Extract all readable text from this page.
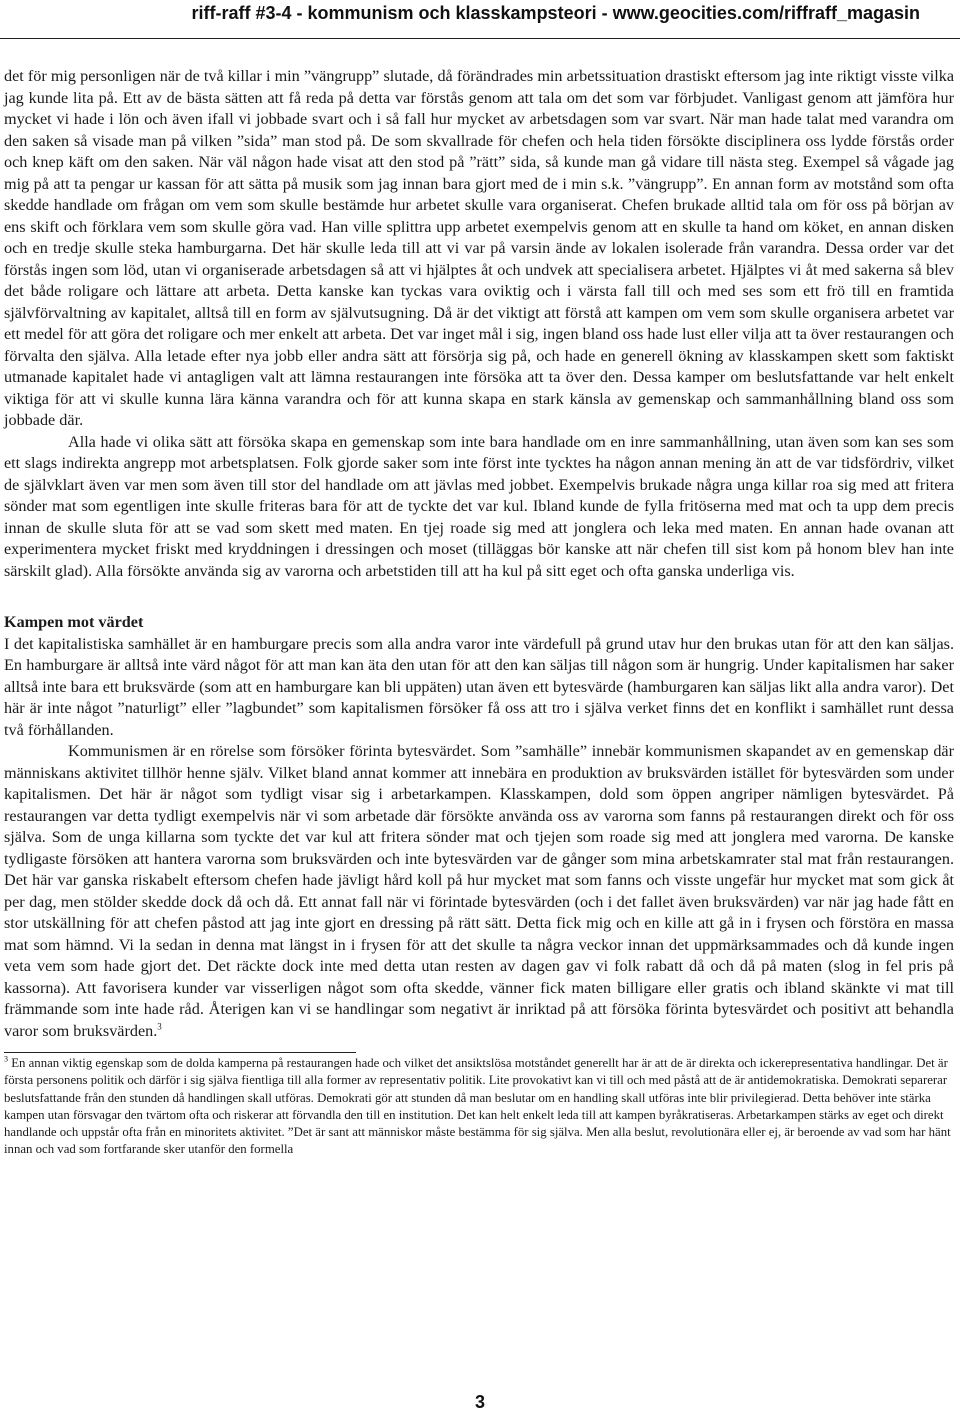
riff-raff #3-4 - kommunism och klasskampsteori - www.geocities.com/riffraff_magasin

det för mig personligen när de två killar i min ”vängrupp” slutade, då förändrades min arbetssituation drastiskt eftersom jag inte riktigt visste vilka jag kunde lita på. Ett av de bästa sätten att få reda på detta var förstås genom att tala om det som var förbjudet. Vanligast genom att jämföra hur mycket vi hade i lön och även ifall vi jobbade svart och i så fall hur mycket av arbetsdagen som var svart. När man hade talat med varandra om den saken så visade man på vilken ”sida” man stod på. De som skvallrade för chefen och hela tiden försökte disciplinera oss lydde förstås order och knep käft om den saken. När väl någon hade visat att den stod på ”rätt” sida, så kunde man gå vidare till nästa steg. Exempel så vågade jag mig på att ta pengar ur kassan för att sätta på musik som jag innan bara gjort med de i min s.k. ”vängrupp”. En annan form av motstånd som ofta skedde handlade om frågan om vem som skulle bestämde hur arbetet skulle vara organiserat. Chefen brukade alltid tala om för oss på början av ens skift och förklara vem som skulle göra vad. Han ville splittra upp arbetet exempelvis genom att en skulle ta hand om köket, en annan disken och en tredje skulle steka hamburgarna. Det här skulle leda till att vi var på varsin ände av lokalen isolerade från varandra. Dessa order var det förstås ingen som löd, utan vi organiserade arbetsdagen så att vi hjälptes åt och undvek att specialisera arbetet. Hjälptes vi åt med sakerna så blev det både roligare och lättare att arbeta. Detta kanske kan tyckas vara oviktig och i värsta fall till och med ses som ett frö till en framtida självförvaltning av kapitalet, alltså till en form av självutsugning. Då är det viktigt att förstå att kampen om vem som skulle organisera arbetet var ett medel för att göra det roligare och mer enkelt att arbeta. Det var inget mål i sig, ingen bland oss hade lust eller vilja att ta över restaurangen och förvalta den själva. Alla letade efter nya jobb eller andra sätt att försörja sig på, och hade en generell ökning av klasskampen skett som faktiskt utmanade kapitalet hade vi antagligen valt att lämna restaurangen inte försöka att ta över den. Dessa kamper om beslutsfattande var helt enkelt viktiga för att vi skulle kunna lära känna varandra och för att kunna skapa en stark känsla av gemenskap och sammanhållning bland oss som jobbade där.

Alla hade vi olika sätt att försöka skapa en gemenskap som inte bara handlade om en inre sammanhållning, utan även som kan ses som ett slags indirekta angrepp mot arbetsplatsen. Folk gjorde saker som inte först inte tycktes ha någon annan mening än att de var tidsfördriv, vilket de självklart även var men som även till stor del handlade om att jävlas med jobbet. Exempelvis brukade några unga killar roa sig med att fritera sönder mat som egentligen inte skulle friteras bara för att de tyckte det var kul. Ibland kunde de fylla fritöserna med mat och ta upp dem precis innan de skulle sluta för att se vad som skett med maten. En tjej roade sig med att jonglera och leka med maten. En annan hade ovanan att experimentera mycket friskt med kryddningen i dressingen och moset (tilläggas bör kanske att när chefen till sist kom på honom blev han inte särskilt glad). Alla försökte använda sig av varorna och arbetstiden till att ha kul på sitt eget och ofta ganska underliga vis.

Kampen mot värdet

I det kapitalistiska samhället är en hamburgare precis som alla andra varor inte värdefull på grund utav hur den brukas utan för att den kan säljas. En hamburgare är alltså inte värd något för att man kan äta den utan för att den kan säljas till någon som är hungrig. Under kapitalismen har saker alltså inte bara ett bruksvärde (som att en hamburgare kan bli uppäten) utan även ett bytesvärde (hamburgaren kan säljas likt alla andra varor). Det här är inte något ”naturligt” eller ”lagbundet” som kapitalismen försöker få oss att tro i själva verket finns det en konflikt i samhället runt dessa två förhållanden.

Kommunismen är en rörelse som försöker förinta bytesvärdet. Som ”samhälle” innebär kommunismen skapandet av en gemenskap där människans aktivitet tillhör henne själv. Vilket bland annat kommer att innebära en produktion av bruksvärden istället för bytesvärden som under kapitalismen. Det här är något som tydligt visar sig i arbetarkampen. Klasskampen, dold som öppen angriper nämligen bytesvärdet. På restaurangen var detta tydligt exempelvis när vi som arbetade där försökte använda oss av varorna som fanns på restaurangen direkt och för oss själva. Som de unga killarna som tyckte det var kul att fritera sönder mat och tjejen som roade sig med att jonglera med varorna. De kanske tydligaste försöken att hantera varorna som bruksvärden och inte bytesvärden var de gånger som mina arbetskamrater stal mat från restaurangen. Det här var ganska riskabelt eftersom chefen hade jävligt hård koll på hur mycket mat som fanns och visste ungefär hur mycket mat som gick åt per dag, men stölder skedde dock då och då. Ett annat fall när vi förintade bytesvärden (och i det fallet även bruksvärden) var när jag hade fått en stor utskällning för att chefen påstod att jag inte gjort en dressing på rätt sätt. Detta fick mig och en kille att gå in i frysen och förstöra en massa mat som hämnd. Vi la sedan in denna mat längst in i frysen för att det skulle ta några veckor innan det uppmärksammades och då kunde ingen veta vem som hade gjort det. Det räckte dock inte med detta utan resten av dagen gav vi folk rabatt då och då på maten (slog in fel pris på kassorna). Att favorisera kunder var visserligen något som ofta skedde, vänner fick maten billigare eller gratis och ibland skänkte vi mat till främmande som inte hade råd. Återigen kan vi se handlingar som negativt är inriktad på att försöka förinta bytesvärdet och positivt att behandla varor som bruksvärden.$^3$

$^3$ En annan viktig egenskap som de dolda kamperna på restaurangen hade och vilket det ansiktslösa motståndet generellt har är att de är direkta och ickerepresentativa handlingar. Det är första personens politik och därför i sig själva fientliga till alla former av representativ politik. Lite provokativt kan vi till och med påstå att de är antidemokratiska. Demokrati separerar beslutsfattande från den stunden då handlingen skall utföras. Demokrati gör att stunden då man beslutar om en handling skall utföras inte blir privilegierad. Detta behöver inte stärka kampen utan försvagar den tvärtom ofta och riskerar att förvandla den till en institution. Det kan helt enkelt leda till att kampen byråkratiseras. Arbetarkampen stärks av eget och direkt handlande och uppstår ofta från en minoritets aktivitet. ”Det är sant att människor måste bestämma för sig själva. Men alla beslut, revolutionära eller ej, är beroende av vad som har hänt innan och vad som fortfarande sker utanför den formella

3
